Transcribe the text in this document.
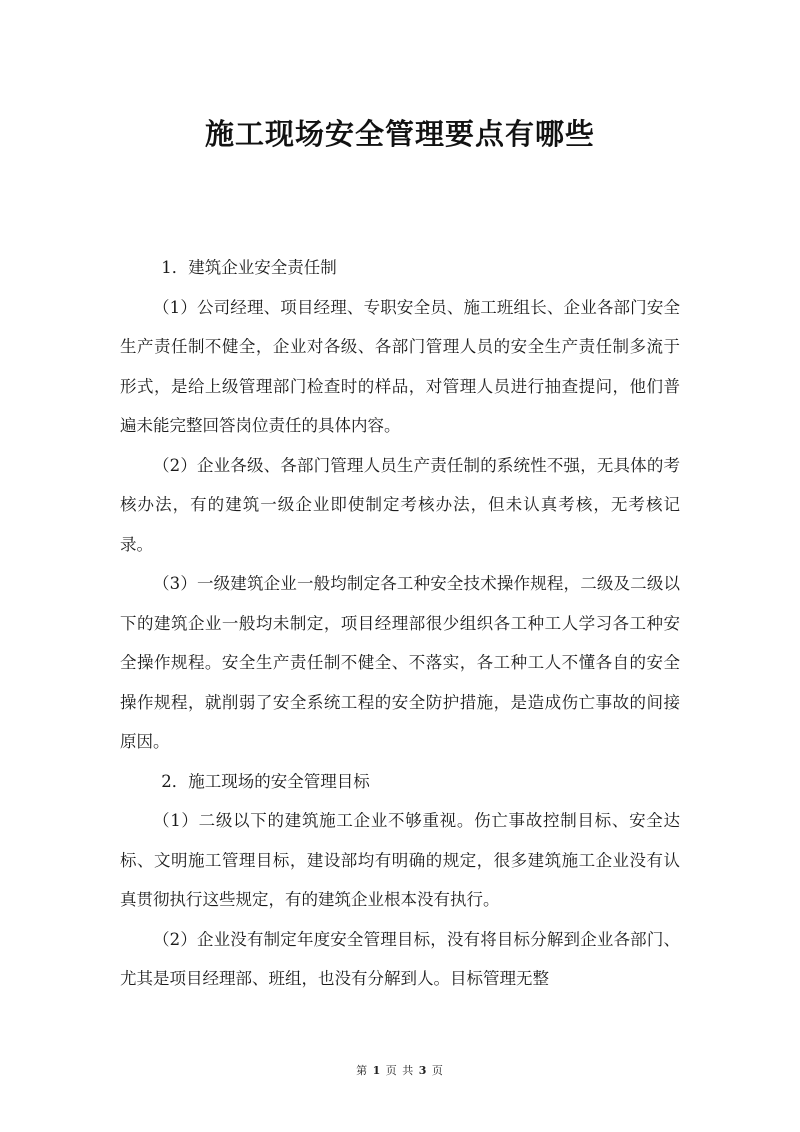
施工现场安全管理要点有哪些

1．建筑企业安全责任制

（1）公司经理、项目经理、专职安全员、施工班组长、企业各部门安全生产责任制不健全，企业对各级、各部门管理人员的安全生产责任制多流于形式，是给上级管理部门检查时的样品，对管理人员进行抽查提问，他们普遍未能完整回答岗位责任的具体内容。

（2）企业各级、各部门管理人员生产责任制的系统性不强，无具体的考核办法，有的建筑一级企业即使制定考核办法，但未认真考核，无考核记录。

（3）一级建筑企业一般均制定各工种安全技术操作规程，二级及二级以下的建筑企业一般均未制定，项目经理部很少组织各工种工人学习各工种安全操作规程。安全生产责任制不健全、不落实，各工种工人不懂各自的安全操作规程，就削弱了安全系统工程的安全防护措施，是造成伤亡事故的间接原因。

2．施工现场的安全管理目标

（1）二级以下的建筑施工企业不够重视。伤亡事故控制目标、安全达标、文明施工管理目标，建设部均有明确的规定，很多建筑施工企业没有认真贯彻执行这些规定，有的建筑企业根本没有执行。

（2）企业没有制定年度安全管理目标，没有将目标分解到企业各部门、尤其是项目经理部、班组，也没有分解到人。目标管理无整

第 1 页 共 3 页
